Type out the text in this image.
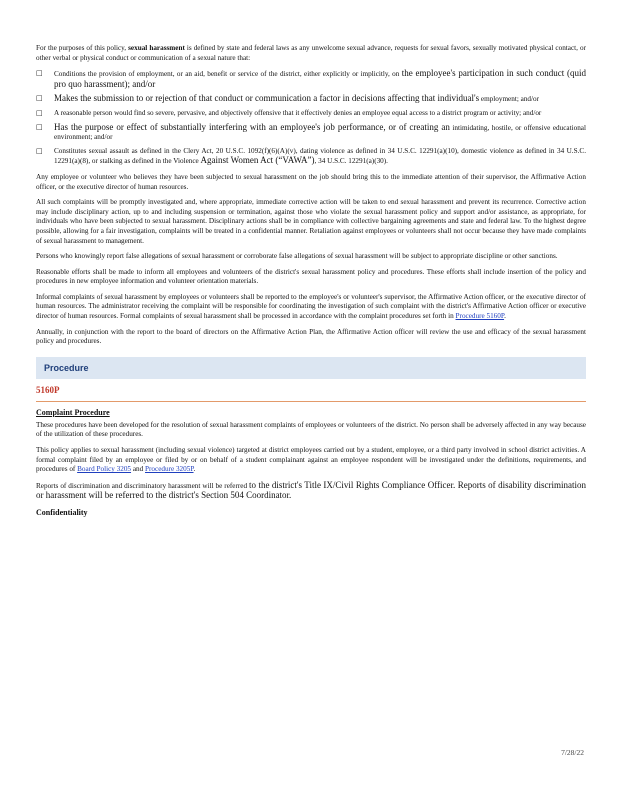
For the purposes of this policy, sexual harassment is defined by state and federal laws as any unwelcome sexual advance, requests for sexual favors, sexually motivated physical contact, or other verbal or physical conduct or communication of a sexual nature that:

□ Conditions the provision of employment, or an aid, benefit or service of the district, either explicitly or implicitly, on the employee's participation in such conduct (quid pro quo harassment); and/or
□ Makes the submission to or rejection of that conduct or communication a factor in decisions affecting that individual's employment; and/or
□ A reasonable person would find so severe, pervasive, and objectively offensive that it effectively denies an employee equal access to a district program or activity; and/or
□ Has the purpose or effect of substantially interfering with an employee's job performance, or of creating an intimidating, hostile, or offensive educational environment; and/or
□ Constitutes sexual assault as defined in the Clery Act, 20 U.S.C. 1092(f)(6)(A)(v), dating violence as defined in 34 U.S.C. 12291(a)(10), domestic violence as defined in 34 U.S.C. 12291(a)(8), or stalking as defined in the Violence Against Women Act (“VAWA”), 34 U.S.C. 12291(a)(30).

Any employee or volunteer who believes they have been subjected to sexual harassment on the job should bring this to the immediate attention of their supervisor, the Affirmative Action officer, or the executive director of human resources.

All such complaints will be promptly investigated and, where appropriate, immediate corrective action will be taken to end sexual harassment and prevent its recurrence. Corrective action may include disciplinary action, up to and including suspension or termination, against those who violate the sexual harassment policy and support and/or assistance, as appropriate, for individuals who have been subjected to sexual harassment. Disciplinary actions shall be in compliance with collective bargaining agreements and state and federal law. To the highest degree possible, allowing for a fair investigation, complaints will be treated in a confidential manner. Retaliation against employees or volunteers shall not occur because they have made complaints of sexual harassment to management.

Persons who knowingly report false allegations of sexual harassment or corroborate false allegations of sexual harassment will be subject to appropriate discipline or other sanctions.

Reasonable efforts shall be made to inform all employees and volunteers of the district's sexual harassment policy and procedures. These efforts shall include insertion of the policy and procedures in new employee information and volunteer orientation materials.

Informal complaints of sexual harassment by employees or volunteers shall be reported to the employee's or volunteer's supervisor, the Affirmative Action officer, or the executive director of human resources. The administrator receiving the complaint will be responsible for coordinating the investigation of such complaint with the district's Affirmative Action officer or executive director of human resources. Formal complaints of sexual harassment shall be processed in accordance with the complaint procedures set forth in Procedure 5160P.

Annually, in conjunction with the report to the board of directors on the Affirmative Action Plan, the Affirmative Action officer will review the use and efficacy of the sexual harassment policy and procedures.

Procedure
5160P
Complaint Procedure

These procedures have been developed for the resolution of sexual harassment complaints of employees or volunteers of the district. No person shall be adversely affected in any way because of the utilization of these procedures.

This policy applies to sexual harassment (including sexual violence) targeted at district employees carried out by a student, employee, or a third party involved in school district activities. A formal complaint filed by an employee or filed by or on behalf of a student complainant against an employee respondent will be investigated under the definitions, requirements, and procedures of Board Policy 3205 and Procedure 3205P.

Reports of discrimination and discriminatory harassment will be referred to the district's Title IX/Civil Rights Compliance Officer. Reports of disability discrimination or harassment will be referred to the district's Section 504 Coordinator.

Confidentiality
7/28/22
